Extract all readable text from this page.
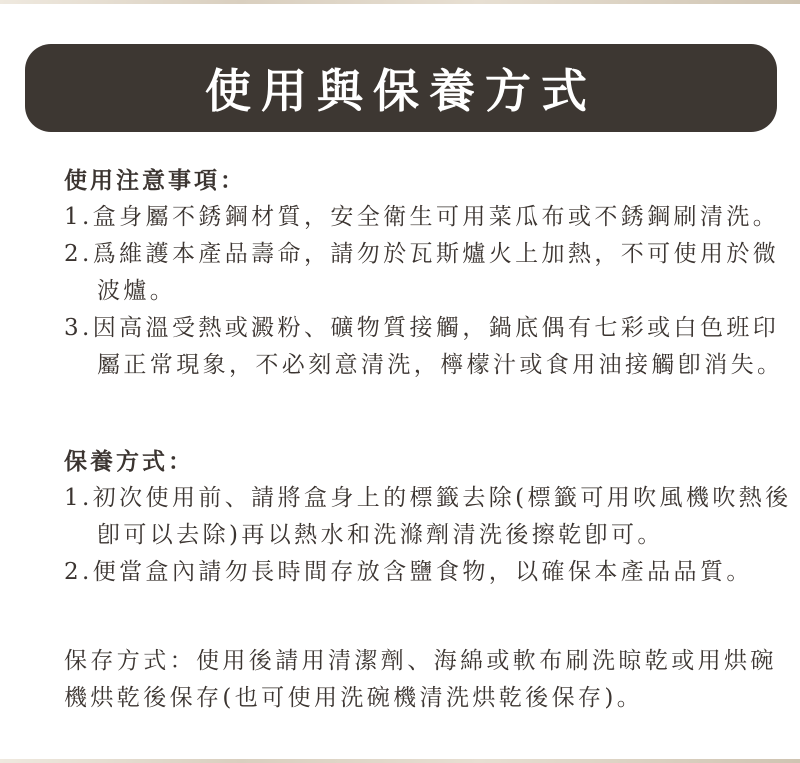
使用與保養方式
使用注意事項：
1.盒身屬不銹鋼材質，安全衛生可用菜瓜布或不銹鋼刷清洗。
2.爲維護本產品壽命，請勿於瓦斯爐火上加熱，不可使用於微
波爐。
3.因高溫受熱或澱粉、礦物質接觸，鍋底偶有七彩或白色班印
屬正常現象，不必刻意清洗，檸檬汁或食用油接觸卽消失。
保養方式：
1.初次使用前、請將盒身上的標籤去除(標籤可用吹風機吹熱後
卽可以去除)再以熱水和洗滌劑清洗後擦乾卽可。
2.便當盒內請勿長時間存放含鹽食物，以確保本產品品質。
保存方式：使用後請用清潔劑、海綿或軟布刷洗晾乾或用烘碗
機烘乾後保存(也可使用洗碗機清洗烘乾後保存)。
